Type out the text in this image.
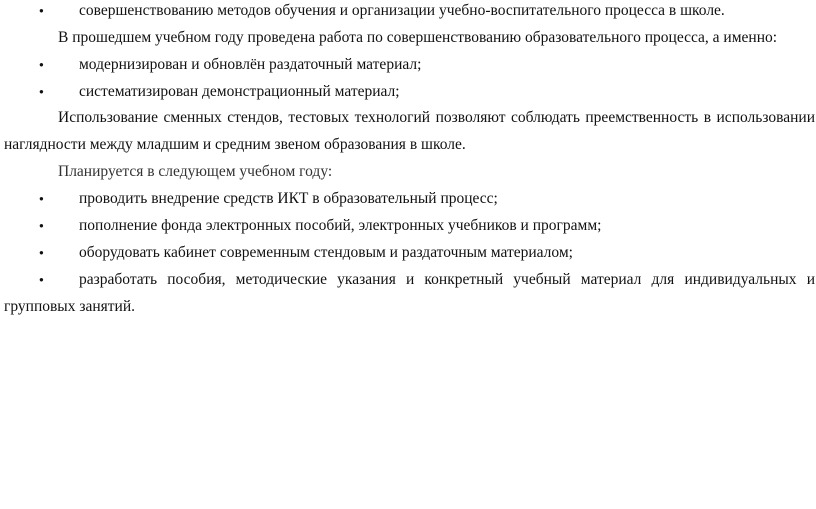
● совершенствованию методов обучения и организации учебно-воспитательного процесса в школе.
В прошедшем учебном году проведена работа по совершенствованию образовательного процесса, а именно:
● модернизирован и обновлён раздаточный материал;
● систематизирован демонстрационный материал;
Использование сменных стендов, тестовых технологий позволяют соблюдать преемственность в использовании
наглядности между младшим и средним звеном образования в школе.
Планируется в следующем учебном году:
● проводить внедрение средств ИКТ в образовательный процесс;
● пополнение фонда электронных пособий, электронных учебников и программ;
● оборудовать кабинет современным стендовым и раздаточным материалом;
● разработать пособия, методические указания и конкретный учебный материал для индивидуальных и
групповых занятий.
